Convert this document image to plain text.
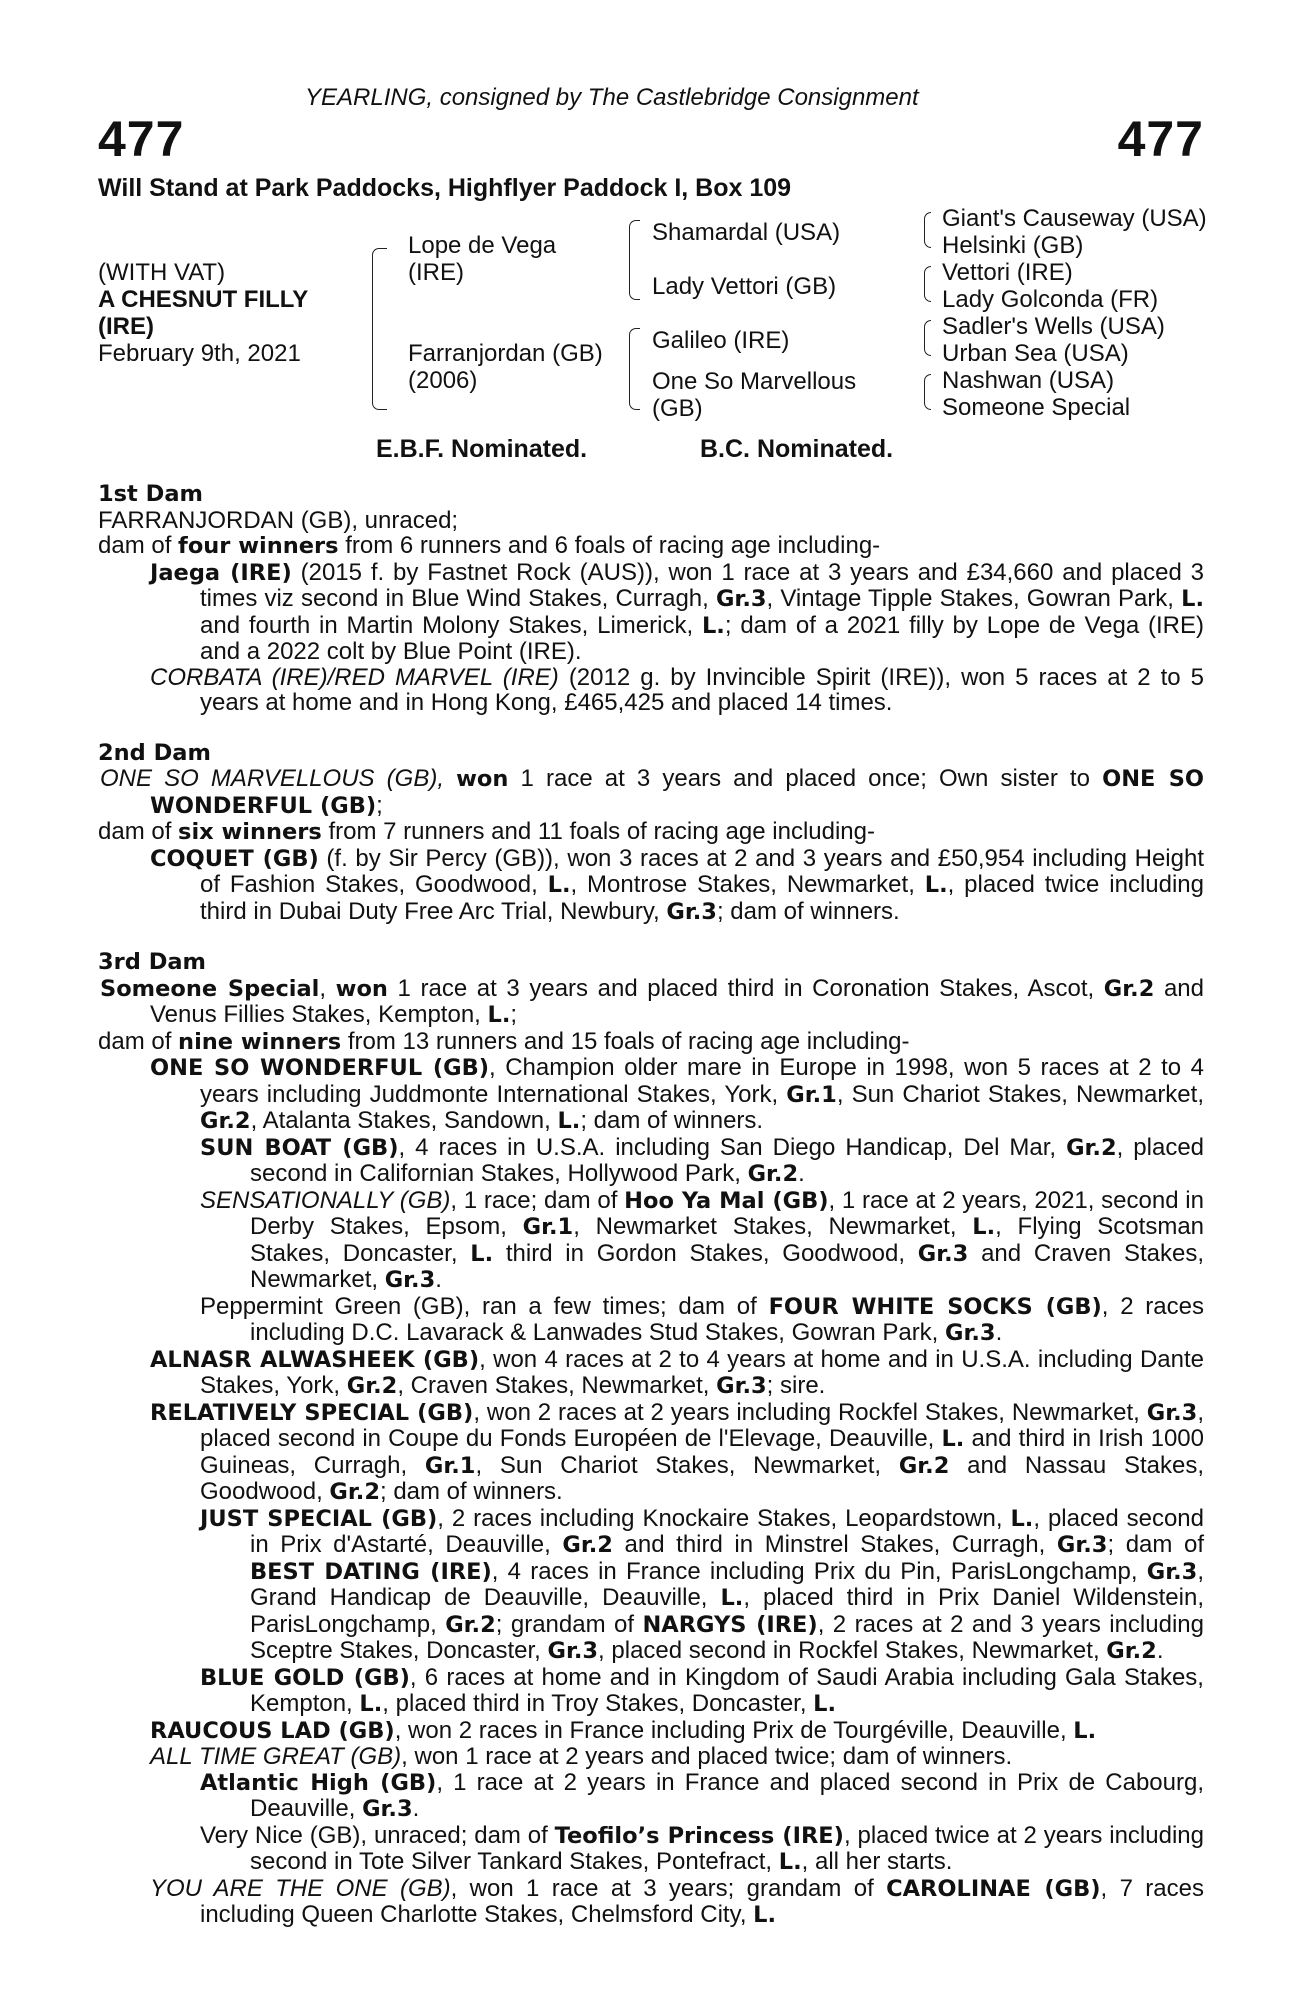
YEARLING, consigned by The Castlebridge Consignment
477	477
Will Stand at Park Paddocks, Highflyer Paddock I, Box 109
(WITH VAT)
A CHESNUT FILLY
(IRE)
February 9th, 2021
Lope de Vega
(IRE)
Farranjordan (GB)
(2006)
Shamardal (USA)
Lady Vettori (GB)
Galileo (IRE)
One So Marvellous
(GB)
Giant's Causeway (USA)
Helsinki (GB)
Vettori (IRE)
Lady Golconda (FR)
Sadler's Wells (USA)
Urban Sea (USA)
Nashwan (USA)
Someone Special
E.B.F. Nominated.	B.C. Nominated.
1st Dam
FARRANJORDAN (GB), unraced;
dam of four winners from 6 runners and 6 foals of racing age including-
Jaega (IRE) (2015 f. by Fastnet Rock (AUS)), won 1 race at 3 years and £34,660 and placed 3 times viz second in Blue Wind Stakes, Curragh, Gr.3, Vintage Tipple Stakes, Gowran Park, L. and fourth in Martin Molony Stakes, Limerick, L.; dam of a 2021 filly by Lope de Vega (IRE) and a 2022 colt by Blue Point (IRE).
CORBATA (IRE)/RED MARVEL (IRE) (2012 g. by Invincible Spirit (IRE)), won 5 races at 2 to 5 years at home and in Hong Kong, £465,425 and placed 14 times.
2nd Dam
ONE SO MARVELLOUS (GB), won 1 race at 3 years and placed once; Own sister to ONE SO WONDERFUL (GB);
dam of six winners from 7 runners and 11 foals of racing age including-
COQUET (GB) (f. by Sir Percy (GB)), won 3 races at 2 and 3 years and £50,954 including Height of Fashion Stakes, Goodwood, L., Montrose Stakes, Newmarket, L., placed twice including third in Dubai Duty Free Arc Trial, Newbury, Gr.3; dam of winners.
3rd Dam
Someone Special, won 1 race at 3 years and placed third in Coronation Stakes, Ascot, Gr.2 and Venus Fillies Stakes, Kempton, L.;
dam of nine winners from 13 runners and 15 foals of racing age including-
ONE SO WONDERFUL (GB), Champion older mare in Europe in 1998, won 5 races at 2 to 4 years including Juddmonte International Stakes, York, Gr.1, Sun Chariot Stakes, Newmarket, Gr.2, Atalanta Stakes, Sandown, L.; dam of winners.
SUN BOAT (GB), 4 races in U.S.A. including San Diego Handicap, Del Mar, Gr.2, placed second in Californian Stakes, Hollywood Park, Gr.2.
SENSATIONALLY (GB), 1 race; dam of Hoo Ya Mal (GB), 1 race at 2 years, 2021, second in Derby Stakes, Epsom, Gr.1, Newmarket Stakes, Newmarket, L., Flying Scotsman Stakes, Doncaster, L. third in Gordon Stakes, Goodwood, Gr.3 and Craven Stakes, Newmarket, Gr.3.
Peppermint Green (GB), ran a few times; dam of FOUR WHITE SOCKS (GB), 2 races including D.C. Lavarack & Lanwades Stud Stakes, Gowran Park, Gr.3.
ALNASR ALWASHEEK (GB), won 4 races at 2 to 4 years at home and in U.S.A. including Dante Stakes, York, Gr.2, Craven Stakes, Newmarket, Gr.3; sire.
RELATIVELY SPECIAL (GB), won 2 races at 2 years including Rockfel Stakes, Newmarket, Gr.3, placed second in Coupe du Fonds Européen de l'Elevage, Deauville, L. and third in Irish 1000 Guineas, Curragh, Gr.1, Sun Chariot Stakes, Newmarket, Gr.2 and Nassau Stakes, Goodwood, Gr.2; dam of winners.
JUST SPECIAL (GB), 2 races including Knockaire Stakes, Leopardstown, L., placed second in Prix d'Astarté, Deauville, Gr.2 and third in Minstrel Stakes, Curragh, Gr.3; dam of BEST DATING (IRE), 4 races in France including Prix du Pin, ParisLongchamp, Gr.3, Grand Handicap de Deauville, Deauville, L., placed third in Prix Daniel Wildenstein, ParisLongchamp, Gr.2; grandam of NARGYS (IRE), 2 races at 2 and 3 years including Sceptre Stakes, Doncaster, Gr.3, placed second in Rockfel Stakes, Newmarket, Gr.2.
BLUE GOLD (GB), 6 races at home and in Kingdom of Saudi Arabia including Gala Stakes, Kempton, L., placed third in Troy Stakes, Doncaster, L.
RAUCOUS LAD (GB), won 2 races in France including Prix de Tourgéville, Deauville, L.
ALL TIME GREAT (GB), won 1 race at 2 years and placed twice; dam of winners.
Atlantic High (GB), 1 race at 2 years in France and placed second in Prix de Cabourg, Deauville, Gr.3.
Very Nice (GB), unraced; dam of Teofilo’s Princess (IRE), placed twice at 2 years including second in Tote Silver Tankard Stakes, Pontefract, L., all her starts.
YOU ARE THE ONE (GB), won 1 race at 3 years; grandam of CAROLINAE (GB), 7 races including Queen Charlotte Stakes, Chelmsford City, L.
